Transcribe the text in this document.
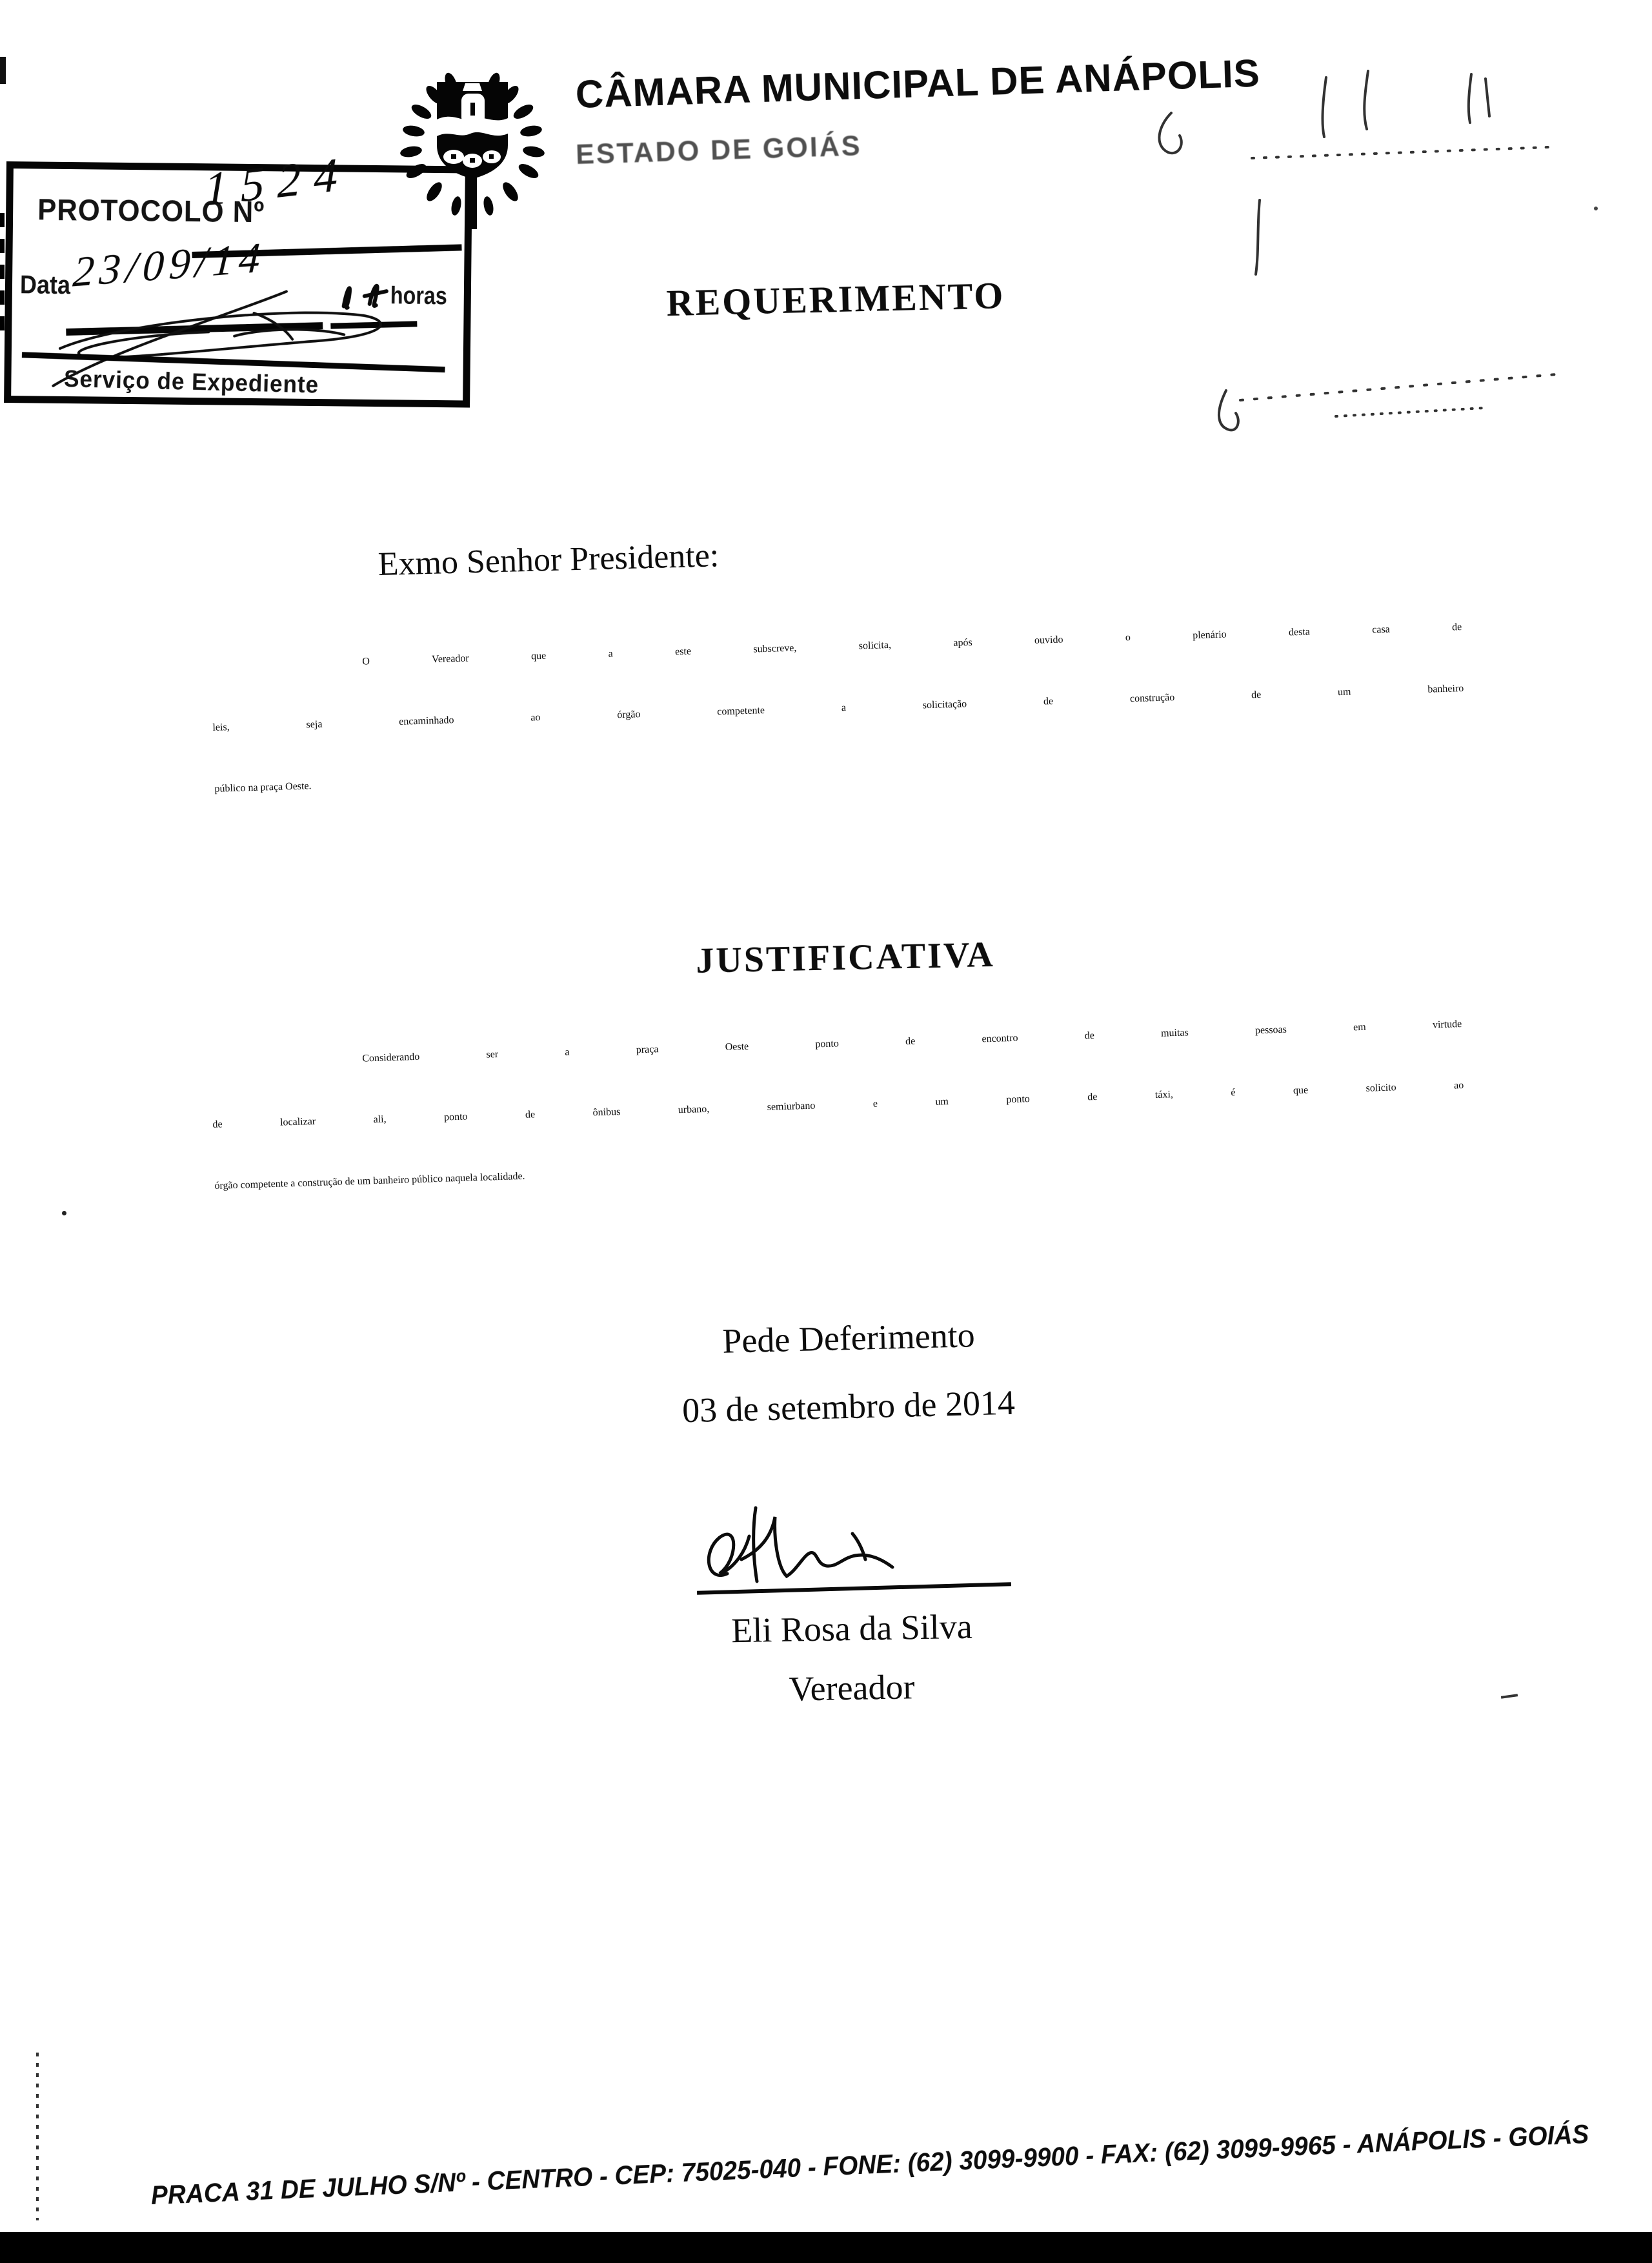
PROTOCOLO Nº
1524
Data 23/09/14
horas
Serviço de Expediente
CÂMARA MUNICIPAL DE ANÁPOLIS
ESTADO DE GOIÁS
REQUERIMENTO
Exmo Senhor Presidente:
O Vereador que a este subscreve, solicita, após ouvido o plenário desta casa de
leis, seja encaminhado ao órgão competente a solicitação de construção de um banheiro
público na praça Oeste.
JUSTIFICATIVA
Considerando ser a praça Oeste ponto de encontro de muitas pessoas em virtude
de localizar ali, ponto de ônibus urbano, semiurbano e um ponto de táxi, é que solicito ao
órgão competente a construção de um banheiro público naquela localidade.
Pede Deferimento
03 de setembro de 2014
Eli Rosa da Silva
Vereador
PRACA 31 DE JULHO S/Nº - CENTRO - CEP: 75025-040 - FONE: (62) 3099-9900 - FAX: (62) 3099-9965 - ANÁPOLIS - GOIÁS
